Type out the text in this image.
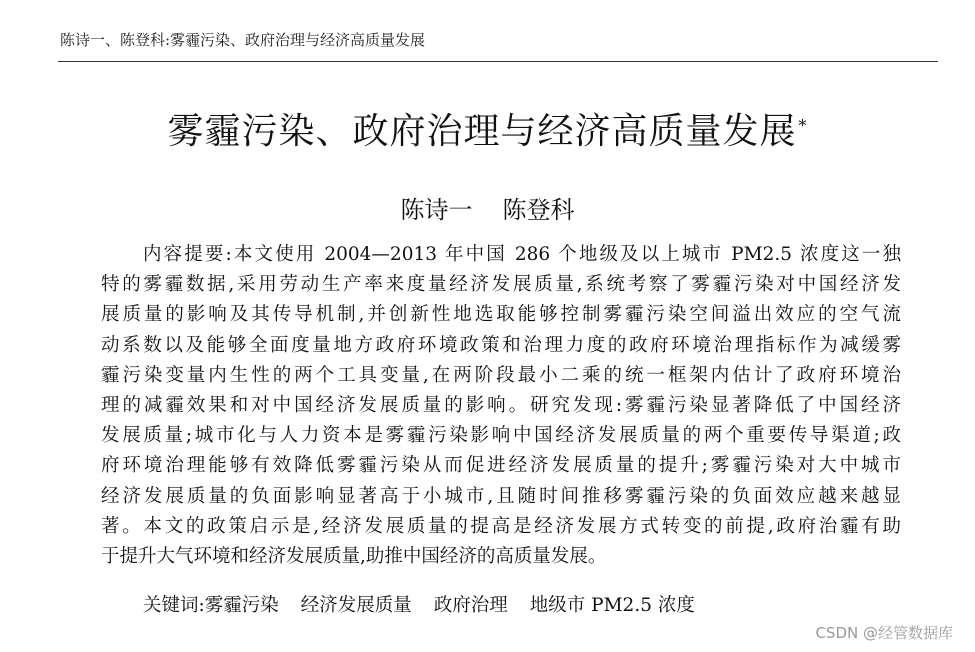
陈诗一、陈登科:雾霾污染、政府治理与经济高质量发展
雾霾污染、政府治理与经济高质量发展 *
陈诗一 陈登科
内容提要:本文使用 2004—2013 年中国 286 个地级及以上城市 PM2.5 浓度这一独
特的雾霾数据,采用劳动生产率来度量经济发展质量,系统考察了雾霾污染对中国经济发
展质量的影响及其传导机制,并创新性地选取能够控制雾霾污染空间溢出效应的空气流
动系数以及能够全面度量地方政府环境政策和治理力度的政府环境治理指标作为减缓雾
霾污染变量内生性的两个工具变量,在两阶段最小二乘的统一框架内估计了政府环境治
理的减霾效果和对中国经济发展质量的影响。研究发现:雾霾污染显著降低了中国经济
发展质量;城市化与人力资本是雾霾污染影响中国经济发展质量的两个重要传导渠道;政
府环境治理能够有效降低雾霾污染从而促进经济发展质量的提升;雾霾污染对大中城市
经济发展质量的负面影响显著高于小城市,且随时间推移雾霾污染的负面效应越来越显
著。本文的政策启示是,经济发展质量的提高是经济发展方式转变的前提,政府治霾有助
于提升大气环境和经济发展质量,助推中国经济的高质量发展。
关键词:雾霾污染 经济发展质量 政府治理 地级市 PM2.5 浓度
CSDN @经管数据库
